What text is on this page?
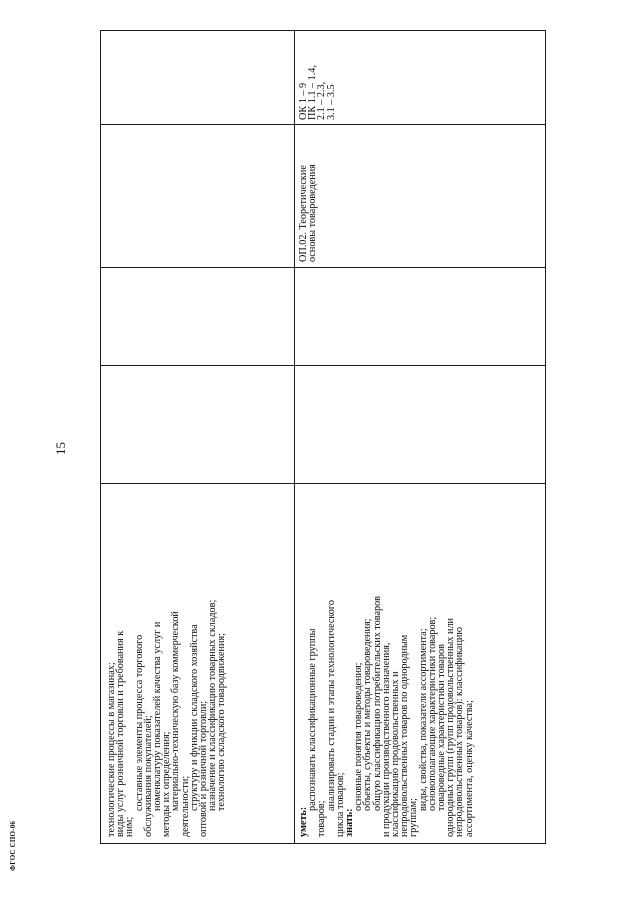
технологические процессы в магазинах;
виды услуг розничной торговли и требования к
ним;
составные элементы процесса торгового
обслуживания покупателей;
номенклатуру показателей качества услуг и
методы их определения;
материально-техническую базу коммерческой
деятельности;
структуру и функции складского хозяйства
оптовой и розничной торговли;
назначение и классификацию товарных складов;
технологию складского товародвижения;
уметь:
распознавать классификационные группы
товаров;
анализировать стадии и этапы технологического
цикла товаров;
знать:
основные понятия товароведения;
объекты, субъекты и методы товароведения;
общую классификацию потребительских товаров
и продукции производственного назначения,
классификацию продовольственных и
непродовольственных товаров по однородным
группам;
виды, свойства, показатели ассортимента;
основополагающие характеристики товаров;
товароведные характеристики товаров
однородных групп (групп продовольственных или
непродовольственных товаров): классификацию
ассортимента, оценку качества;
ОП.02. Теоретические
основы товароведения
ОК 1 – 9
ПК 1.1 – 1.4,
2.1 – 2.3,
3.1 – 3.5
15
ФГОС СПО-06
